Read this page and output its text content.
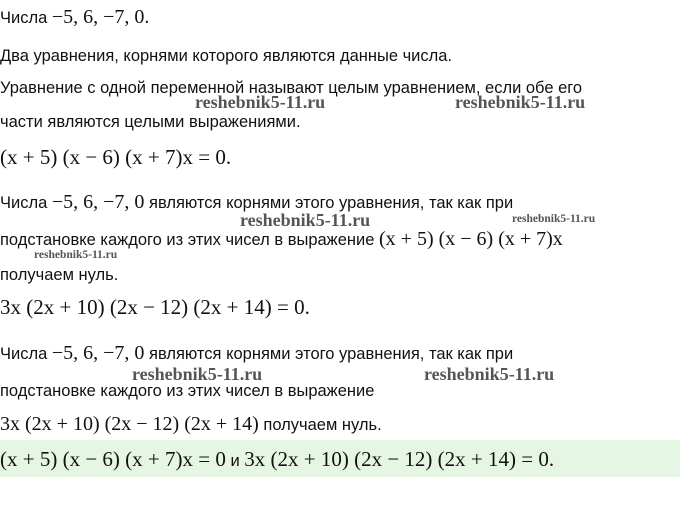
Числа −5, 6, −7, 0.
Два уравнения, корнями которого являются данные числа.
Уравнение с одной переменной называют целым уравнением, если обе его
reshebnik5-11.ru	reshebnik5-11.ru
части являются целыми выражениями.
(x + 5) (x − 6) (x + 7)x = 0.
Числа −5, 6, −7, 0 являются корнями этого уравнения, так как при
reshebnik5-11.ru	reshebnik5-11.ru
подстановке каждого из этих чисел в выражение (x + 5) (x − 6) (x + 7)x
reshebnik5-11.ru
получаем нуль.
3x (2x + 10) (2x − 12) (2x + 14) = 0.
Числа −5, 6, −7, 0 являются корнями этого уравнения, так как при
reshebnik5-11.ru	reshebnik5-11.ru
подстановке каждого из этих чисел в выражение
3x (2x + 10) (2x − 12) (2x + 14) получаем нуль.
(x + 5) (x − 6) (x + 7)x = 0 и 3x (2x + 10) (2x − 12) (2x + 14) = 0.
